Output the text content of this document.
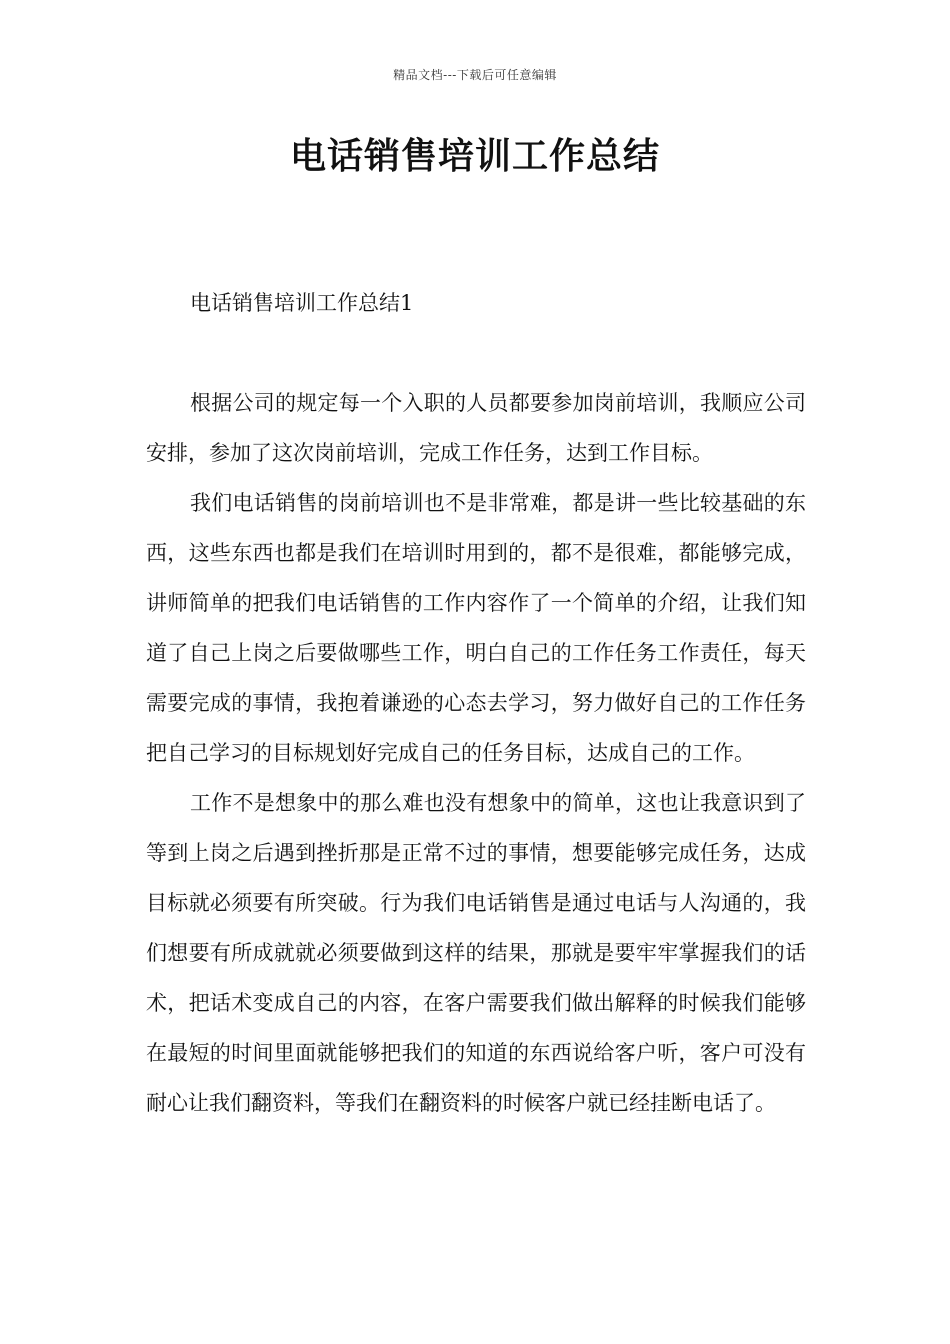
精品文档---下载后可任意编辑
电话销售培训工作总结
电话销售培训工作总结1

根据公司的规定每一个入职的人员都要参加岗前培训，我顺应公司安排，参加了这次岗前培训，完成工作任务，达到工作目标。

我们电话销售的岗前培训也不是非常难，都是讲一些比较基础的东西，这些东西也都是我们在培训时用到的，都不是很难，都能够完成，讲师简单的把我们电话销售的工作内容作了一个简单的介绍，让我们知道了自己上岗之后要做哪些工作，明白自己的工作任务工作责任，每天需要完成的事情，我抱着谦逊的心态去学习，努力做好自己的工作任务把自己学习的目标规划好完成自己的任务目标，达成自己的工作。

工作不是想象中的那么难也没有想象中的简单，这也让我意识到了等到上岗之后遇到挫折那是正常不过的事情，想要能够完成任务，达成目标就必须要有所突破。行为我们电话销售是通过电话与人沟通的，我们想要有所成就就必须要做到这样的结果，那就是要牢牢掌握我们的话术，把话术变成自己的内容，在客户需要我们做出解释的时候我们能够在最短的时间里面就能够把我们的知道的东西说给客户听，客户可没有耐心让我们翻资料，等我们在翻资料的时候客户就已经挂断电话了。
